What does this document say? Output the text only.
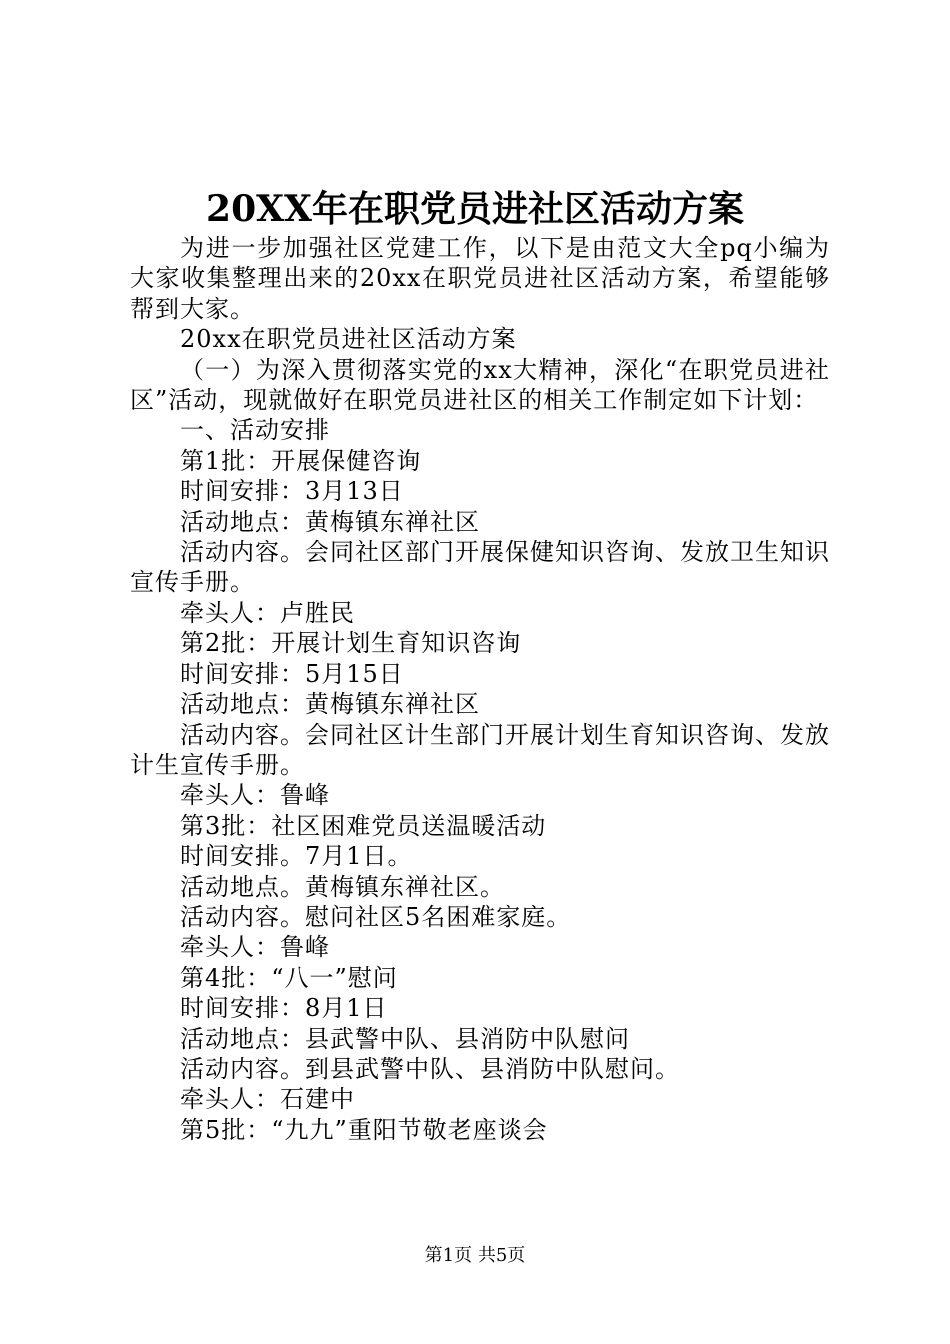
20XX年在职党员进社区活动方案

为进一步加强社区党建工作，以下是由范文大全pq小编为大家收集整理出来的20xx在职党员进社区活动方案，希望能够帮到大家。

20xx在职党员进社区活动方案

（一）为深入贯彻落实党的xx大精神，深化“在职党员进社区”活动，现就做好在职党员进社区的相关工作制定如下计划：

一、活动安排

第1批：开展保健咨询

时间安排：3月13日

活动地点：黄梅镇东禅社区

活动内容。会同社区部门开展保健知识咨询、发放卫生知识宣传手册。

牵头人：卢胜民

第2批：开展计划生育知识咨询

时间安排：5月15日

活动地点：黄梅镇东禅社区

活动内容。会同社区计生部门开展计划生育知识咨询、发放计生宣传手册。

牵头人：鲁峰

第3批：社区困难党员送温暖活动

时间安排。7月1日。

活动地点。黄梅镇东禅社区。

活动内容。慰问社区5名困难家庭。

牵头人：鲁峰

第4批：“八一”慰问

时间安排：8月1日

活动地点：县武警中队、县消防中队慰问

活动内容。到县武警中队、县消防中队慰问。

牵头人：石建中

第5批：“九九”重阳节敬老座谈会

第1页 共5页
